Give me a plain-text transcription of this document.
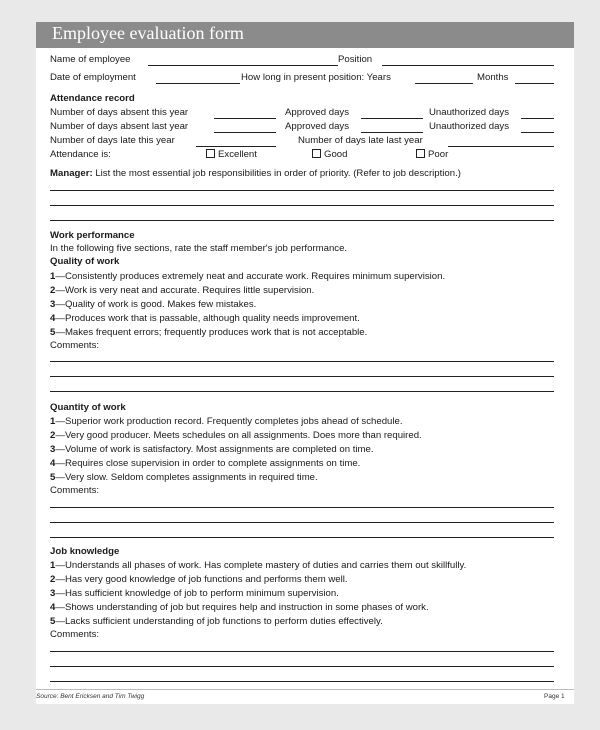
Employee evaluation form
Name of employee	Position
Date of employment	How long in present position: Years	Months
Attendance record
Number of days absent this year	Approved days	Unauthorized days
Number of days absent last year	Approved days	Unauthorized days
Number of days late this year	Number of days late last year
Attendance is:	Excellent	Good	Poor
Manager: List the most essential job responsibilities in order of priority. (Refer to job description.)
Work performance
In the following five sections, rate the staff member's job performance.
Quality of work
1—Consistently produces extremely neat and accurate work. Requires minimum supervision.
2—Work is very neat and accurate. Requires little supervision.
3—Quality of work is good. Makes few mistakes.
4—Produces work that is passable, although quality needs improvement.
5—Makes frequent errors; frequently produces work that is not acceptable.
Comments:
Quantity of work
1—Superior work production record. Frequently completes jobs ahead of schedule.
2—Very good producer. Meets schedules on all assignments. Does more than required.
3—Volume of work is satisfactory. Most assignments are completed on time.
4—Requires close supervision in order to complete assignments on time.
5—Very slow. Seldom completes assignments in required time.
Comments:
Job knowledge
1—Understands all phases of work. Has complete mastery of duties and carries them out skillfully.
2—Has very good knowledge of job functions and performs them well.
3—Has sufficient knowledge of job to perform minimum supervision.
4—Shows understanding of job but requires help and instruction in some phases of work.
5—Lacks sufficient understanding of job functions to perform duties effectively.
Comments:
Source: Bent Ericksen and Tim Twigg	Page 1
